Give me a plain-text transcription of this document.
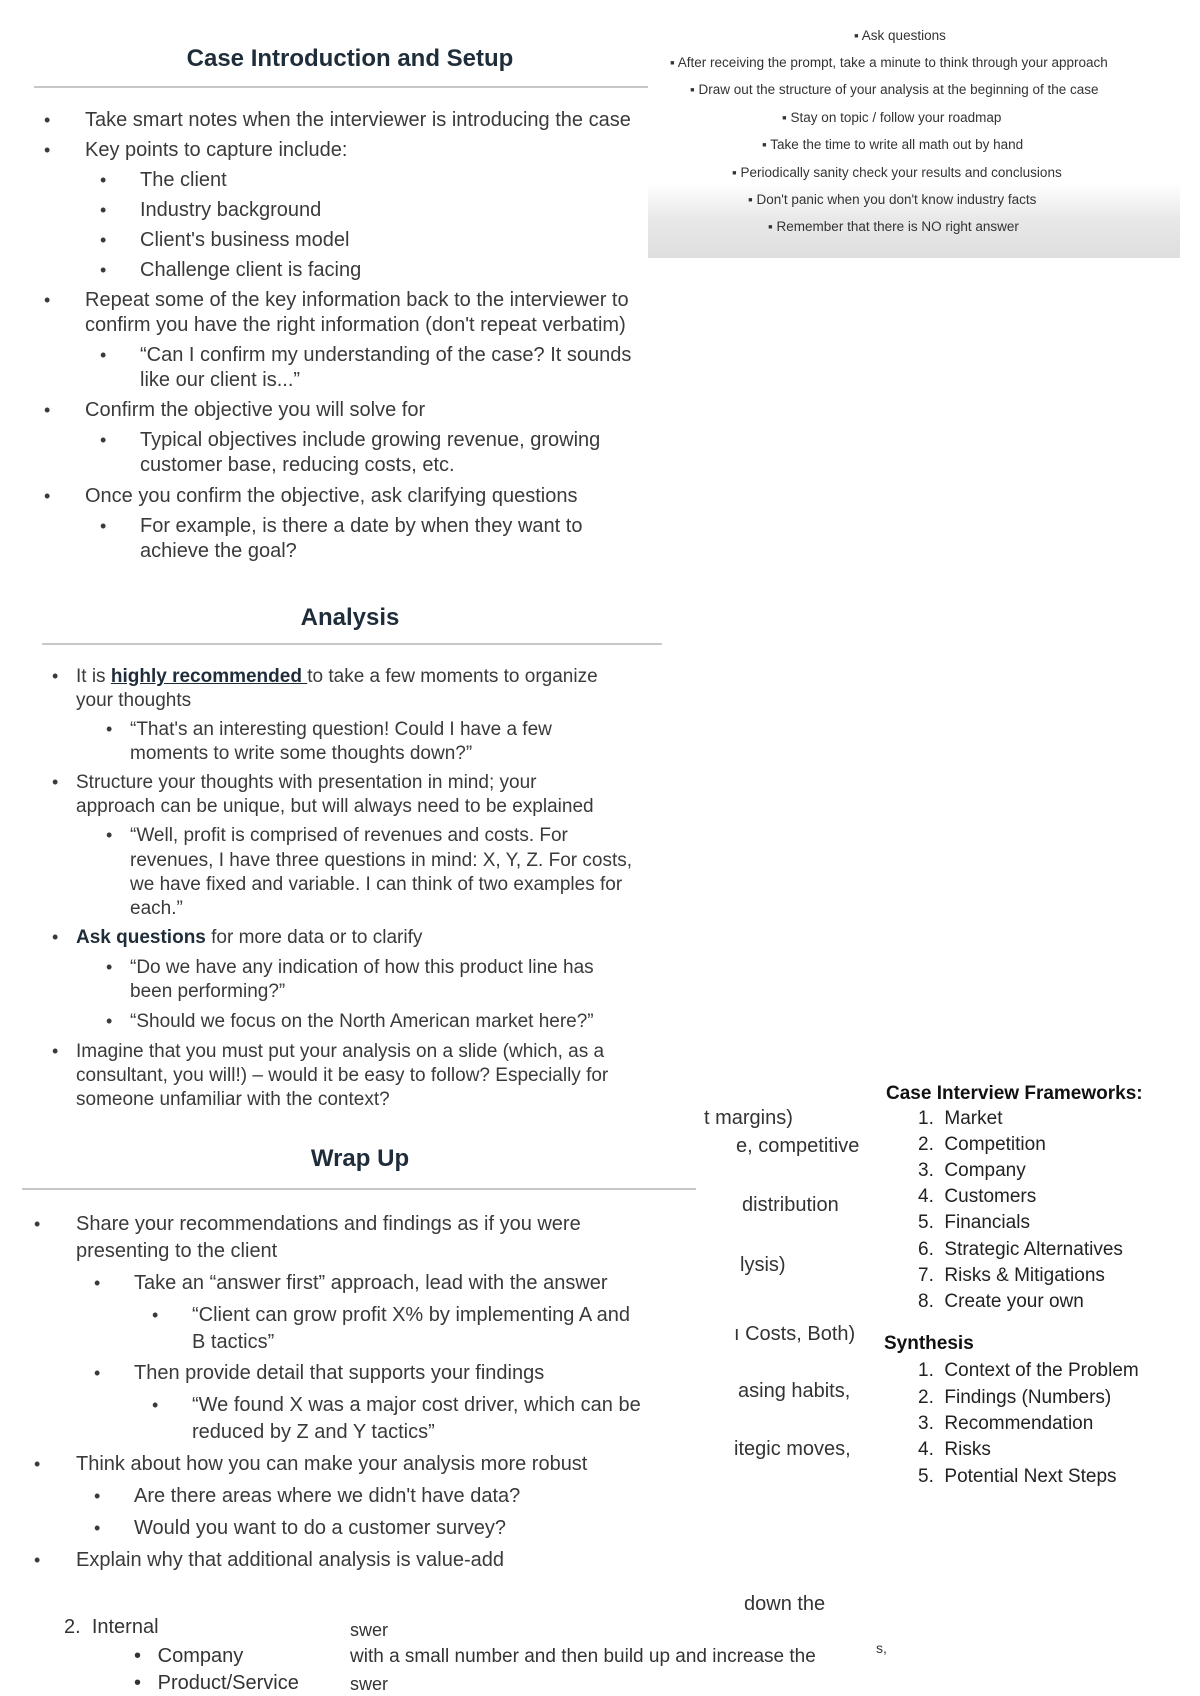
▪ Ask questions
▪ After receiving the prompt, take a minute to think through your approach
▪ Draw out the structure of your analysis at the beginning of the case
▪ Stay on topic / follow your roadmap
▪ Take the time to write all math out by hand
▪ Periodically sanity check your results and conclusions
▪ Don't panic when you don't know industry facts
▪ Remember that there is NO right answer
Case Introduction and Setup
• Take smart notes when the interviewer is introducing the case
• Key points to capture include:
• The client
• Industry background
• Client's business model
• Challenge client is facing
• Repeat some of the key information back to the interviewer to
confirm you have the right information (don't repeat verbatim)
• “Can I confirm my understanding of the case? It sounds
like our client is...”
• Confirm the objective you will solve for
• Typical objectives include growing revenue, growing
customer base, reducing costs, etc.
• Once you confirm the objective, ask clarifying questions
• For example, is there a date by when they want to
achieve the goal?
Analysis
• It is highly recommended to take a few moments to organize
your thoughts
• “That's an interesting question! Could I have a few
moments to write some thoughts down?”
• Structure your thoughts with presentation in mind; your
approach can be unique, but will always need to be explained
• “Well, profit is comprised of revenues and costs. For
revenues, I have three questions in mind: X, Y, Z. For costs,
we have fixed and variable. I can think of two examples for
each.”
• Ask questions for more data or to clarify
• “Do we have any indication of how this product line has
been performing?”
• “Should we focus on the North American market here?”
• Imagine that you must put your analysis on a slide (which, as a
consultant, you will!) – would it be easy to follow? Especially for
someone unfamiliar with the context?
Wrap Up
• Share your recommendations and findings as if you were
presenting to the client
• Take an “answer first” approach, lead with the answer
• “Client can grow profit X% by implementing A and
B tactics”
• Then provide detail that supports your findings
• “We found X was a major cost driver, which can be
reduced by Z and Y tactics”
• Think about how you can make your analysis more robust
• Are there areas where we didn't have data?
• Would you want to do a customer survey?
• Explain why that additional analysis is value-add
Case Interview Frameworks:
1.  Market
2.  Competition
3.  Company
4.  Customers
5.  Financials
6.  Strategic Alternatives
7.  Risks & Mitigations
8.  Create your own
Synthesis
1.  Context of the Problem
2.  Findings (Numbers)
3.  Recommendation
4.  Risks
5.  Potential Next Steps
t margins)
e, competitive
distribution
lysis)
ı Costs, Both)
asing habits,
itegic moves,
down the
2. Internal
•   Company
•   Product/Service
swer
with a small number and then build up and increase the
swer
s,
